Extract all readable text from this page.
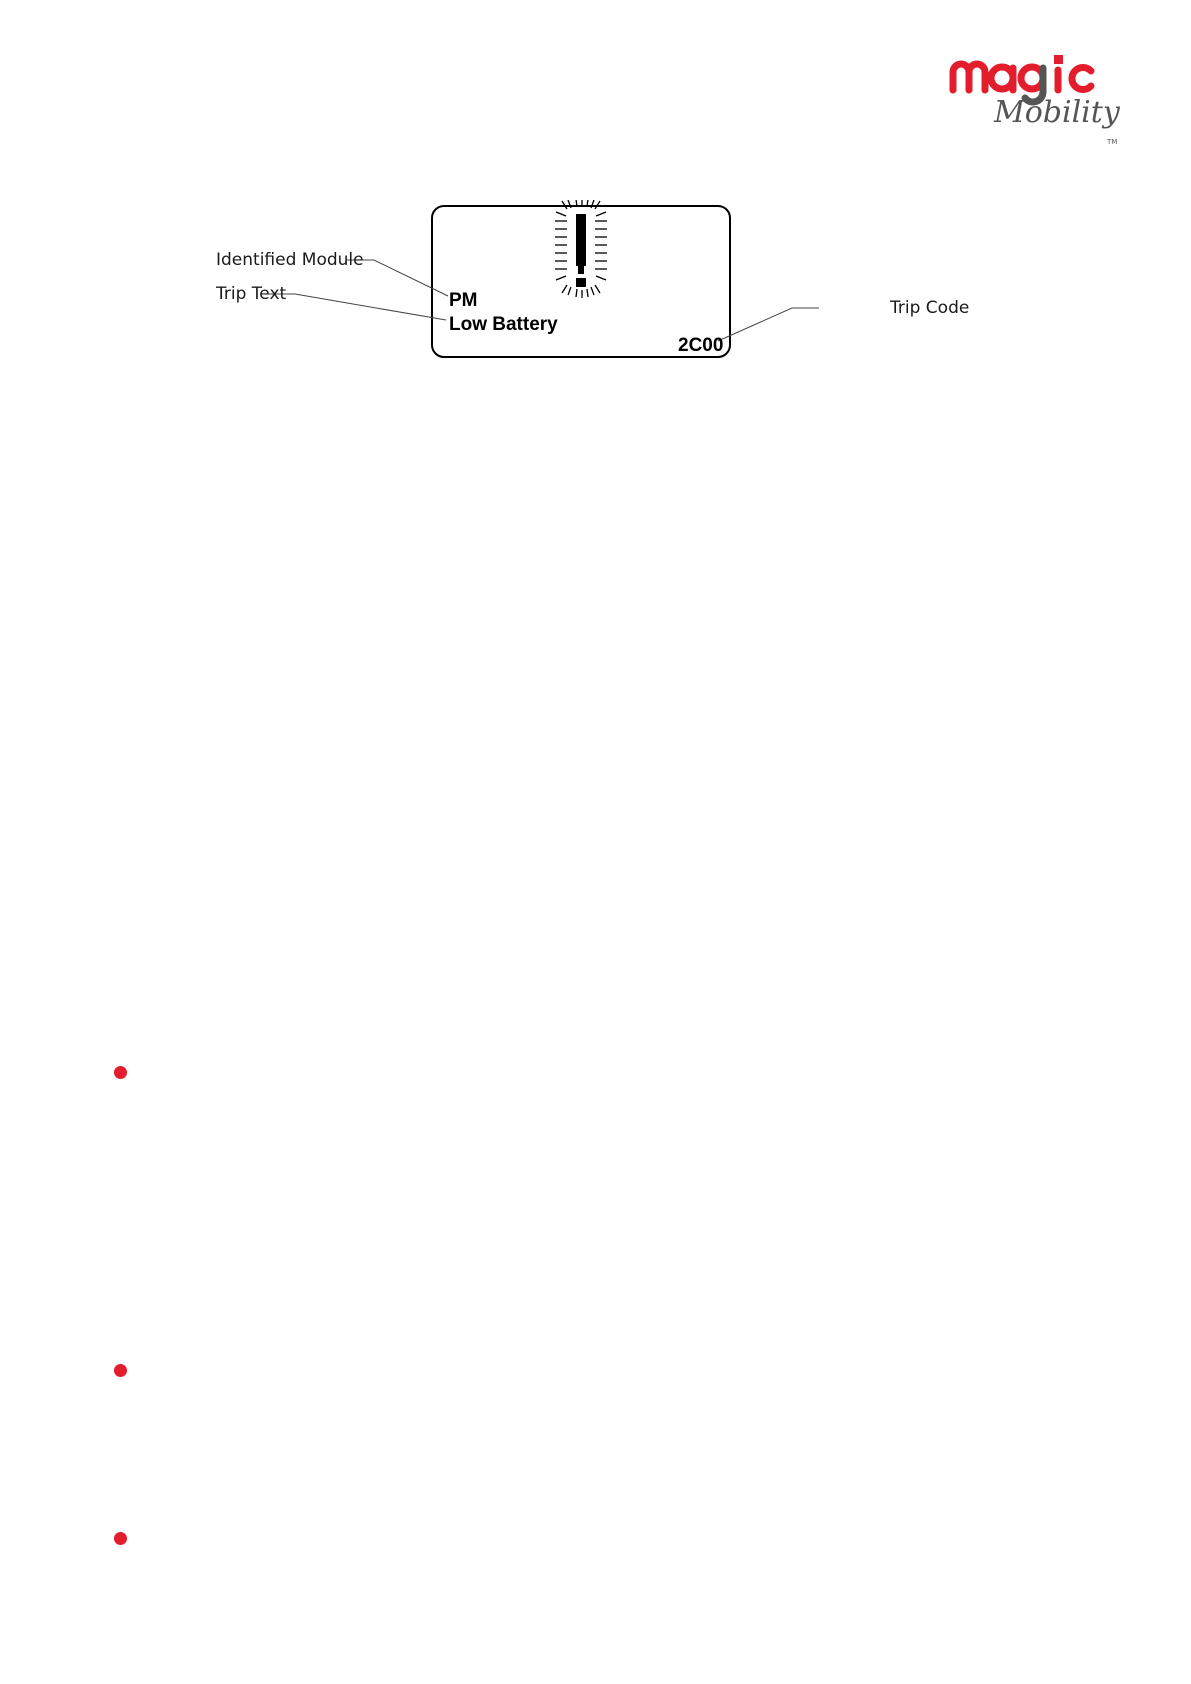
Mobility
TM
Identified Module
Trip Text
Trip Code
PM
Low Battery
2C00
